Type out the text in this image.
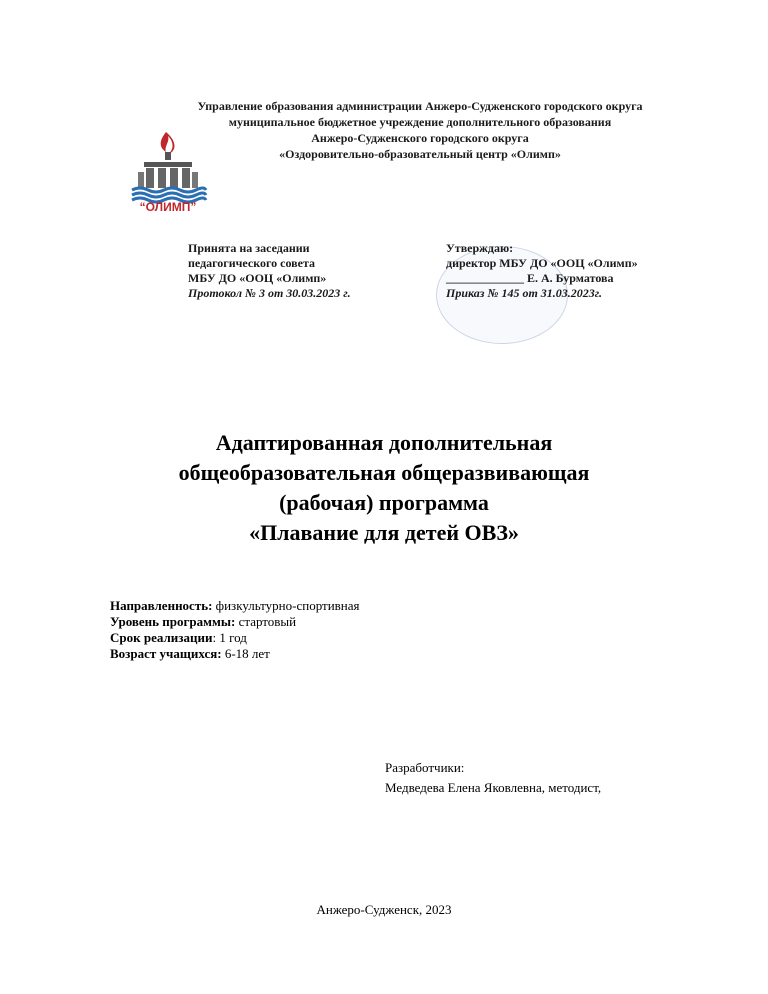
Управление образования администрации Анжеро-Судженского городского округа
муниципальное бюджетное учреждение дополнительного образования
Анжеро-Судженского городского округа
«Оздоровительно-образовательный центр «Олимп»
“ОЛИМП”
Принята на заседании
педагогического совета
МБУ ДО «ООЦ «Олимп»
Протокол № 3 от 30.03.2023 г.
Утверждаю:
директор МБУ ДО «ООЦ «Олимп»
_____________ Е. А. Бурматова
Приказ № 145 от 31.03.2023г.
Адаптированная дополнительная
общеобразовательная общеразвивающая
(рабочая) программа
«Плавание для детей ОВЗ»
Направленность: физкультурно-спортивная
Уровень программы: стартовый
Срок реализации: 1 год
Возраст учащихся: 6-18 лет
Разработчики:
Медведева Елена Яковлевна, методист,
Анжеро-Судженск, 2023
